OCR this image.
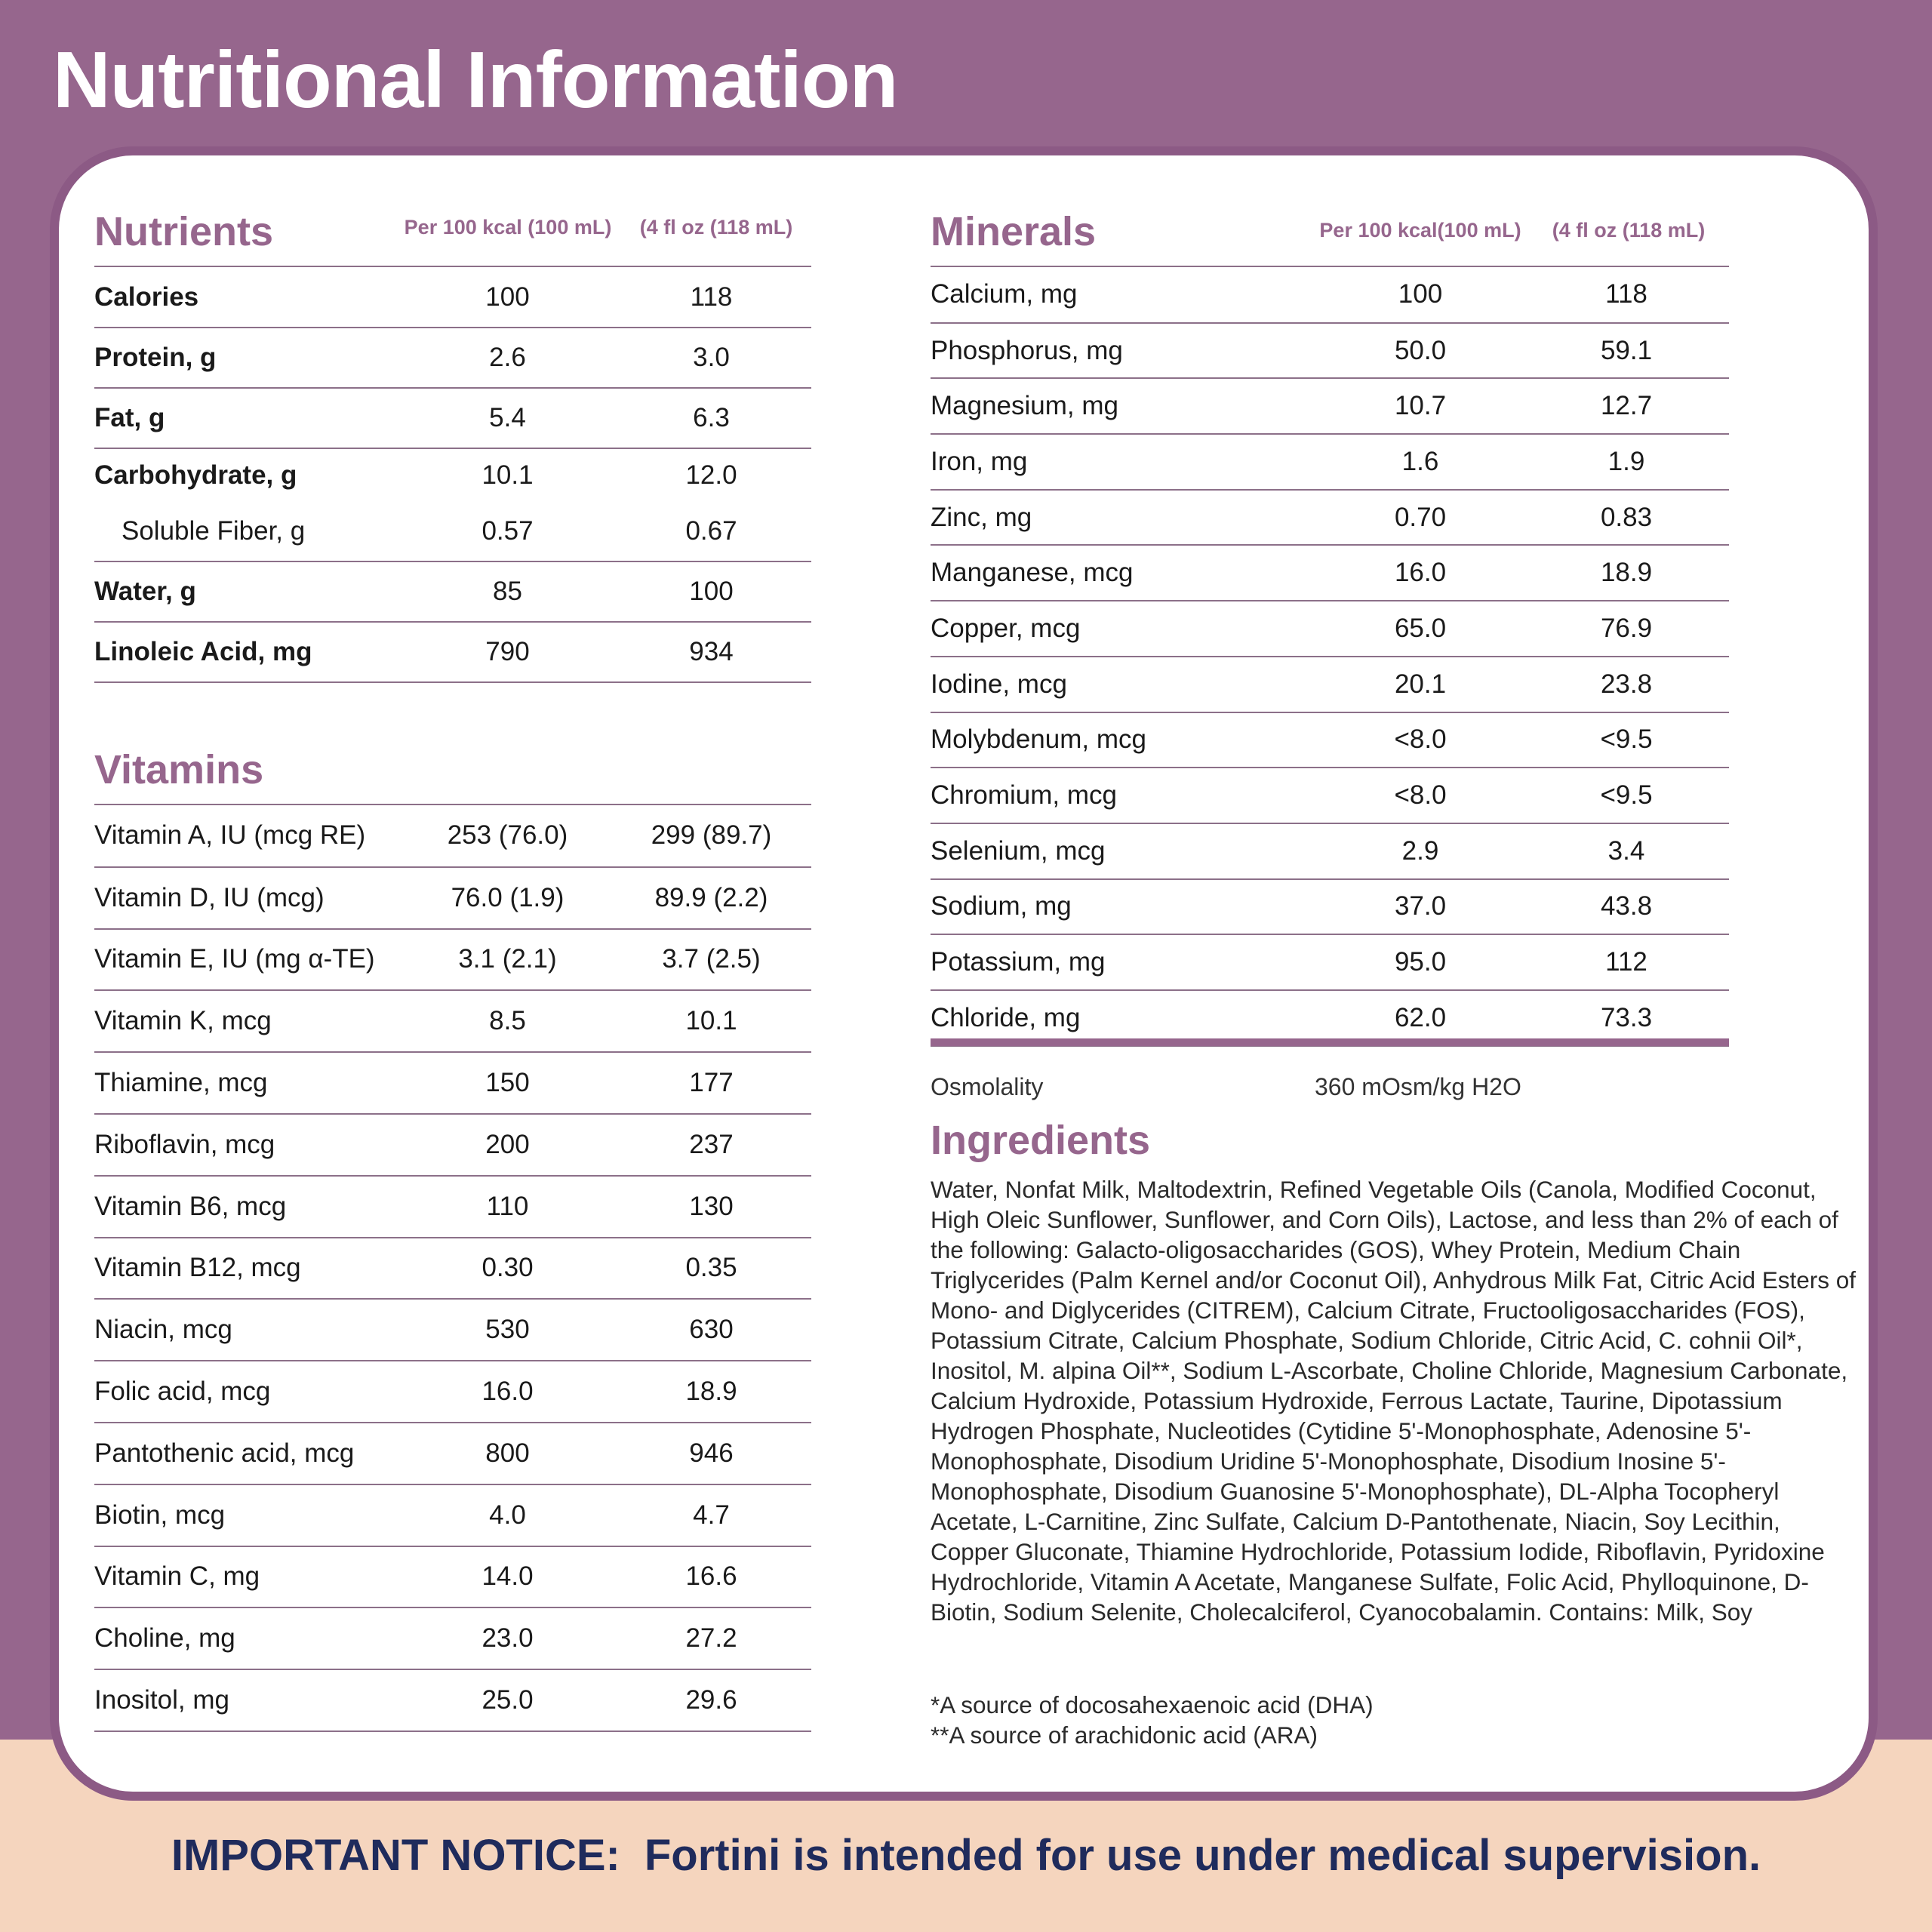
Nutritional Information
Nutrients	Per 100 kcal (100 mL) (4 fl oz (118 mL)
Calories	100	118
Protein, g	2.6	3.0
Fat, g	5.4	6.3
Carbohydrate, g	10.1	12.0
Soluble Fiber, g	0.57	0.67
Water, g	85	100
Linoleic Acid, mg	790	934
Vitamins
Vitamin A, IU (mcg RE)	253 (76.0)	299 (89.7)
Vitamin D, IU (mcg)	76.0 (1.9)	89.9 (2.2)
Vitamin E, IU (mg α-TE)	3.1 (2.1)	3.7 (2.5)
Vitamin K, mcg	8.5	10.1
Thiamine, mcg	150	177
Riboflavin, mcg	200	237
Vitamin B6, mcg	110	130
Vitamin B12, mcg	0.30	0.35
Niacin, mcg	530	630
Folic acid, mcg	16.0	18.9
Pantothenic acid, mcg	800	946
Biotin, mcg	4.0	4.7
Vitamin C, mg	14.0	16.6
Choline, mg	23.0	27.2
Inositol, mg	25.0	29.6
Minerals	Per 100 kcal(100 mL) (4 fl oz (118 mL)
Calcium, mg	100	118
Phosphorus, mg	50.0	59.1
Magnesium, mg	10.7	12.7
Iron, mg	1.6	1.9
Zinc, mg	0.70	0.83
Manganese, mcg	16.0	18.9
Copper, mcg	65.0	76.9
Iodine, mcg	20.1	23.8
Molybdenum, mcg	<8.0	<9.5
Chromium, mcg	<8.0	<9.5
Selenium, mcg	2.9	3.4
Sodium, mg	37.0	43.8
Potassium, mg	95.0	112
Chloride, mg	62.0	73.3
Osmolality	360 mOsm/kg H2O
Ingredients

Water, Nonfat Milk, Maltodextrin, Refined Vegetable Oils (Canola, Modified Coconut, High Oleic Sunflower, Sunflower, and Corn Oils), Lactose, and less than 2% of each of the following: Galacto-oligosaccharides (GOS), Whey Protein, Medium Chain Triglycerides (Palm Kernel and/or Coconut Oil), Anhydrous Milk Fat, Citric Acid Esters of Mono- and Diglycerides (CITREM), Calcium Citrate, Fructooligosaccharides (FOS), Potassium Citrate, Calcium Phosphate, Sodium Chloride, Citric Acid, C. cohnii Oil*, Inositol, M. alpina Oil**, Sodium L-Ascorbate, Choline Chloride, Magnesium Carbonate, Calcium Hydroxide, Potassium Hydroxide, Ferrous Lactate, Taurine, Dipotassium Hydrogen Phosphate, Nucleotides (Cytidine 5'-Monophosphate, Adenosine 5'-Monophosphate, Disodium Uridine 5'-Monophosphate, Disodium Inosine 5'-Monophosphate, Disodium Guanosine 5'-Monophosphate), DL-Alpha Tocopheryl Acetate, L-Carnitine, Zinc Sulfate, Calcium D-Pantothenate, Niacin, Soy Lecithin, Copper Gluconate, Thiamine Hydrochloride, Potassium Iodide, Riboflavin, Pyridoxine Hydrochloride, Vitamin A Acetate, Manganese Sulfate, Folic Acid, Phylloquinone, D-Biotin, Sodium Selenite, Cholecalciferol, Cyanocobalamin. Contains: Milk, Soy

*A source of docosahexaenoic acid (DHA)
**A source of arachidonic acid (ARA)
IMPORTANT NOTICE: Fortini is intended for use under medical supervision.
